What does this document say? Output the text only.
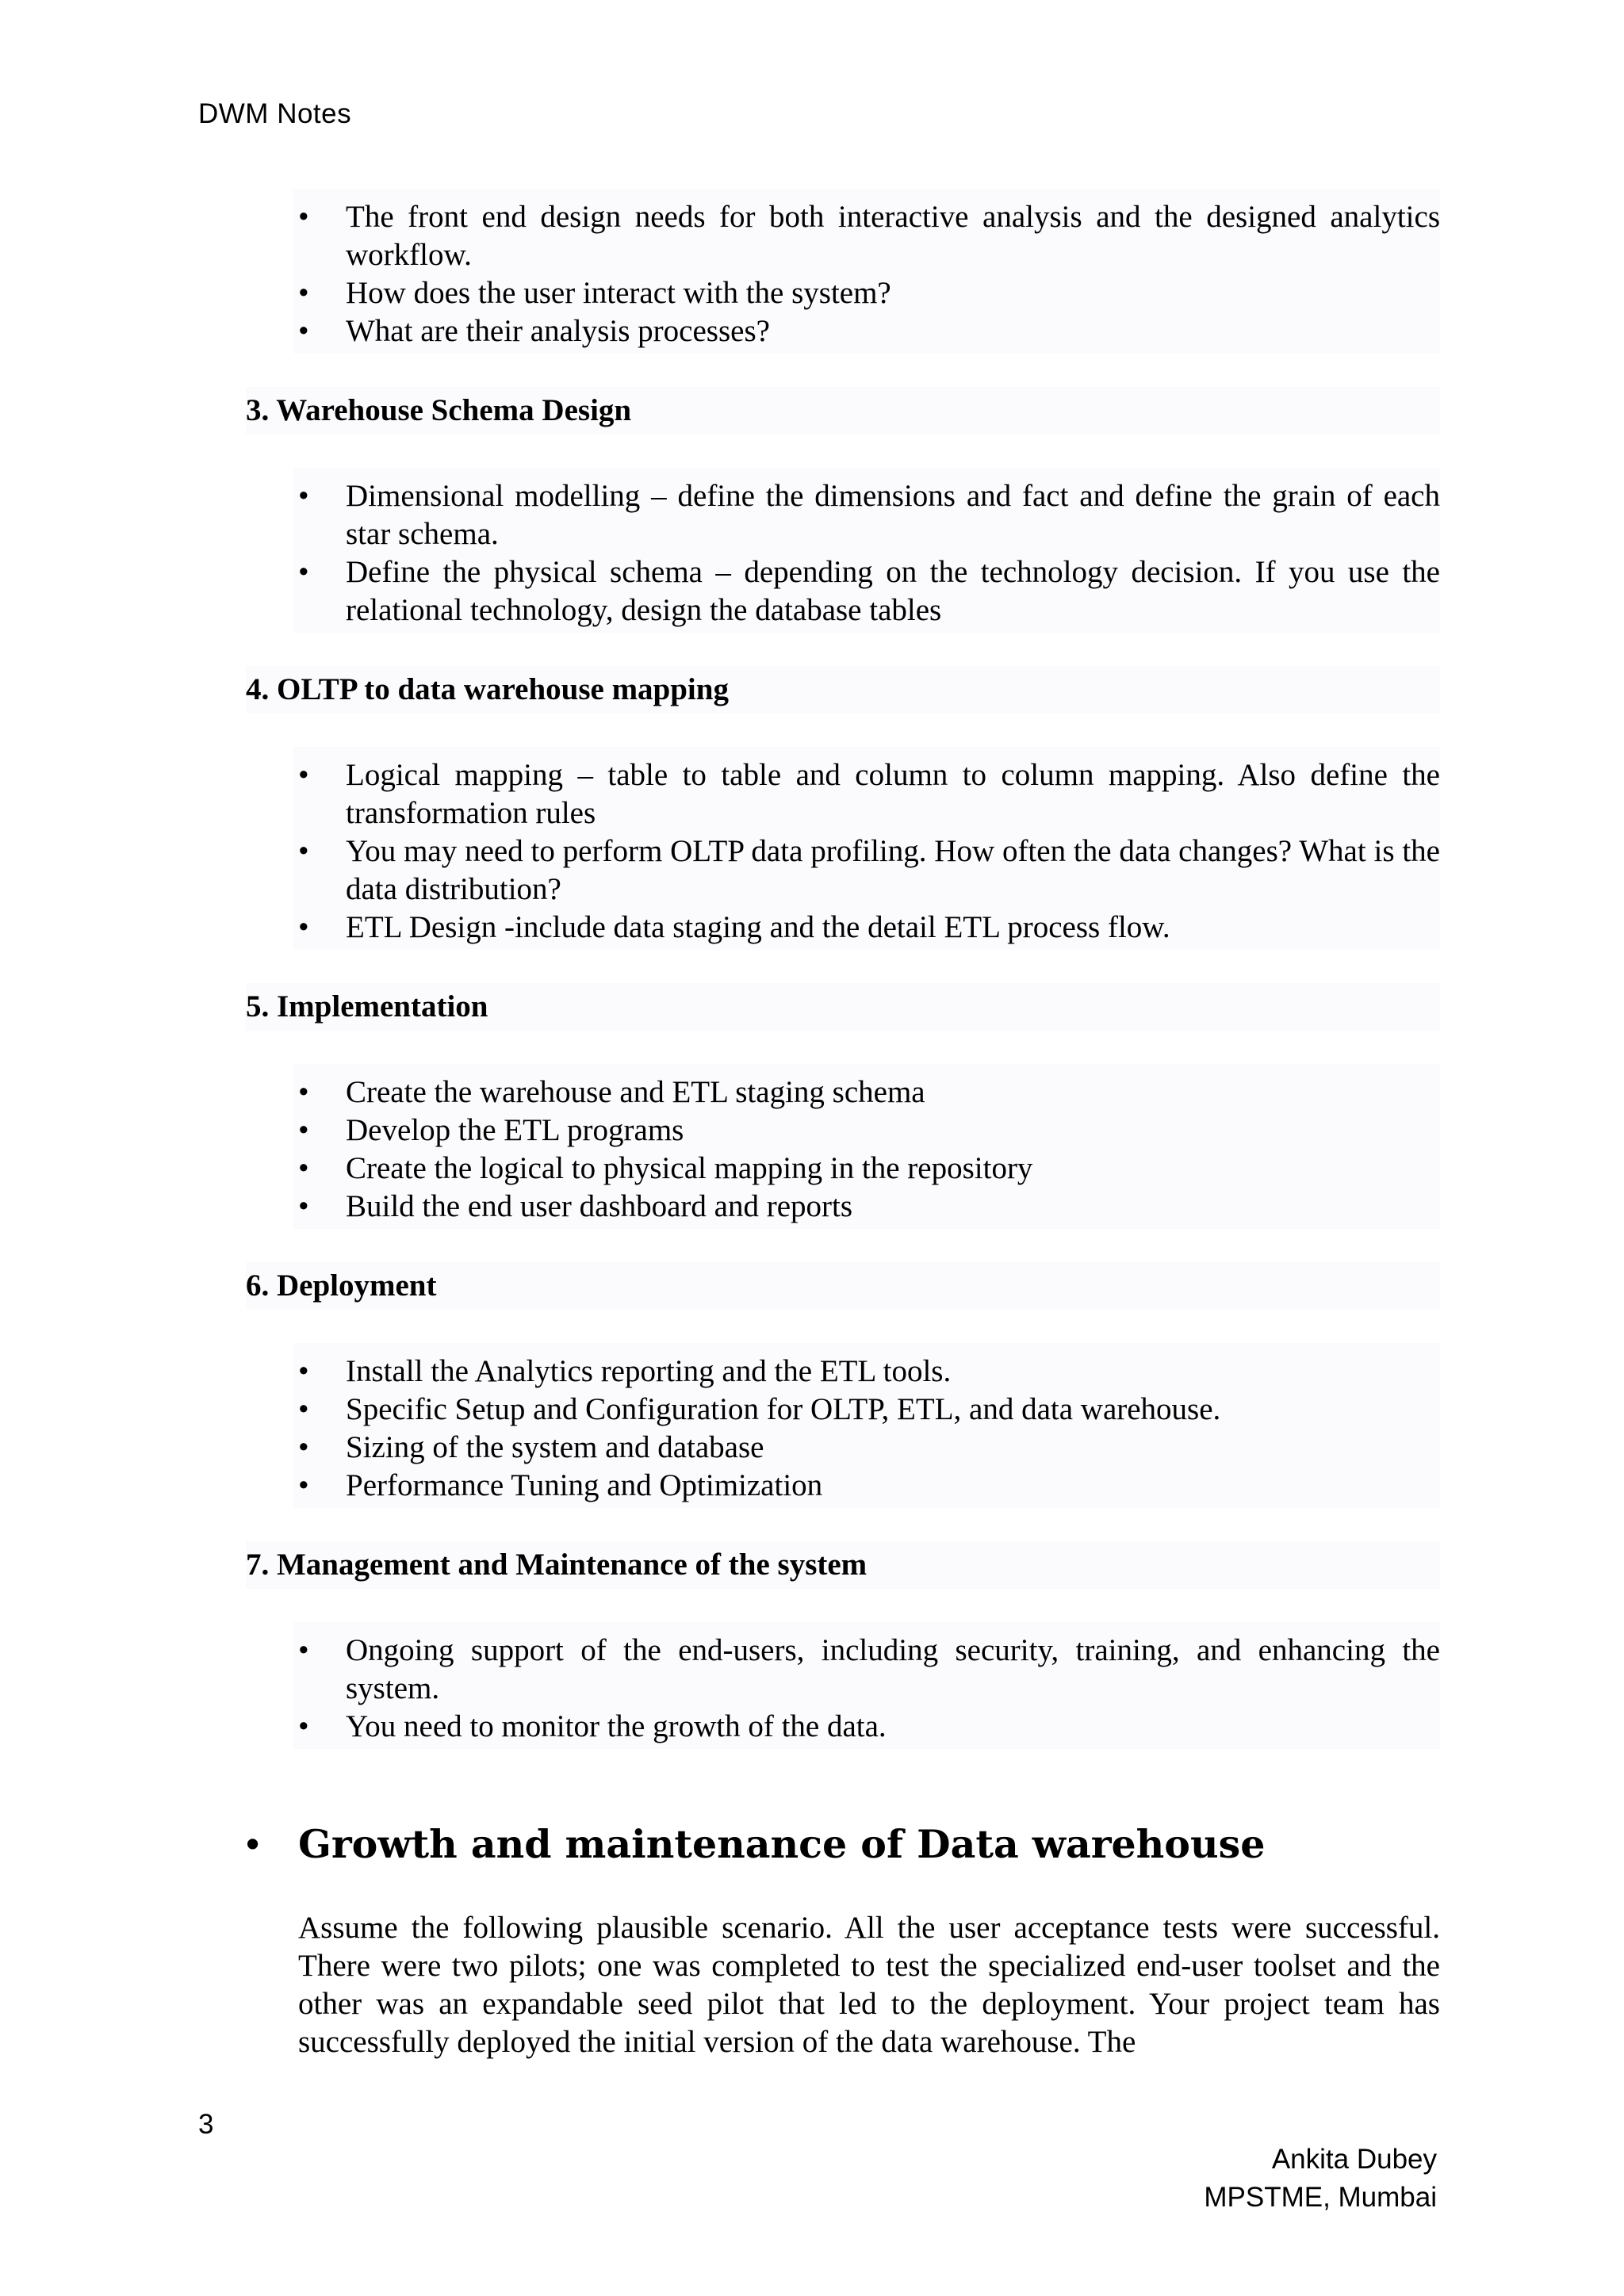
DWM Notes
• The front end design needs for both interactive analysis and the designed analytics workflow.
• How does the user interact with the system?
• What are their analysis processes?
3. Warehouse Schema Design
• Dimensional modelling – define the dimensions and fact and define the grain of each star schema.
• Define the physical schema – depending on the technology decision. If you use the relational technology, design the database tables
4. OLTP to data warehouse mapping
• Logical mapping – table to table and column to column mapping. Also define the transformation rules
• You may need to perform OLTP data profiling. How often the data changes? What is the data distribution?
• ETL Design -include data staging and the detail ETL process flow.
5. Implementation
• Create the warehouse and ETL staging schema
• Develop the ETL programs
• Create the logical to physical mapping in the repository
• Build the end user dashboard and reports
6. Deployment
• Install the Analytics reporting and the ETL tools.
• Specific Setup and Configuration for OLTP, ETL, and data warehouse.
• Sizing of the system and database
• Performance Tuning and Optimization
7. Management and Maintenance of the system
• Ongoing support of the end-users, including security, training, and enhancing the system.
• You need to monitor the growth of the data.
• Growth and maintenance of Data warehouse
Assume the following plausible scenario. All the user acceptance tests were successful. There were two pilots; one was completed to test the specialized end-user toolset and the other was an expandable seed pilot that led to the deployment. Your project team has successfully deployed the initial version of the data warehouse. The
3
Ankita Dubey
MPSTME, Mumbai
